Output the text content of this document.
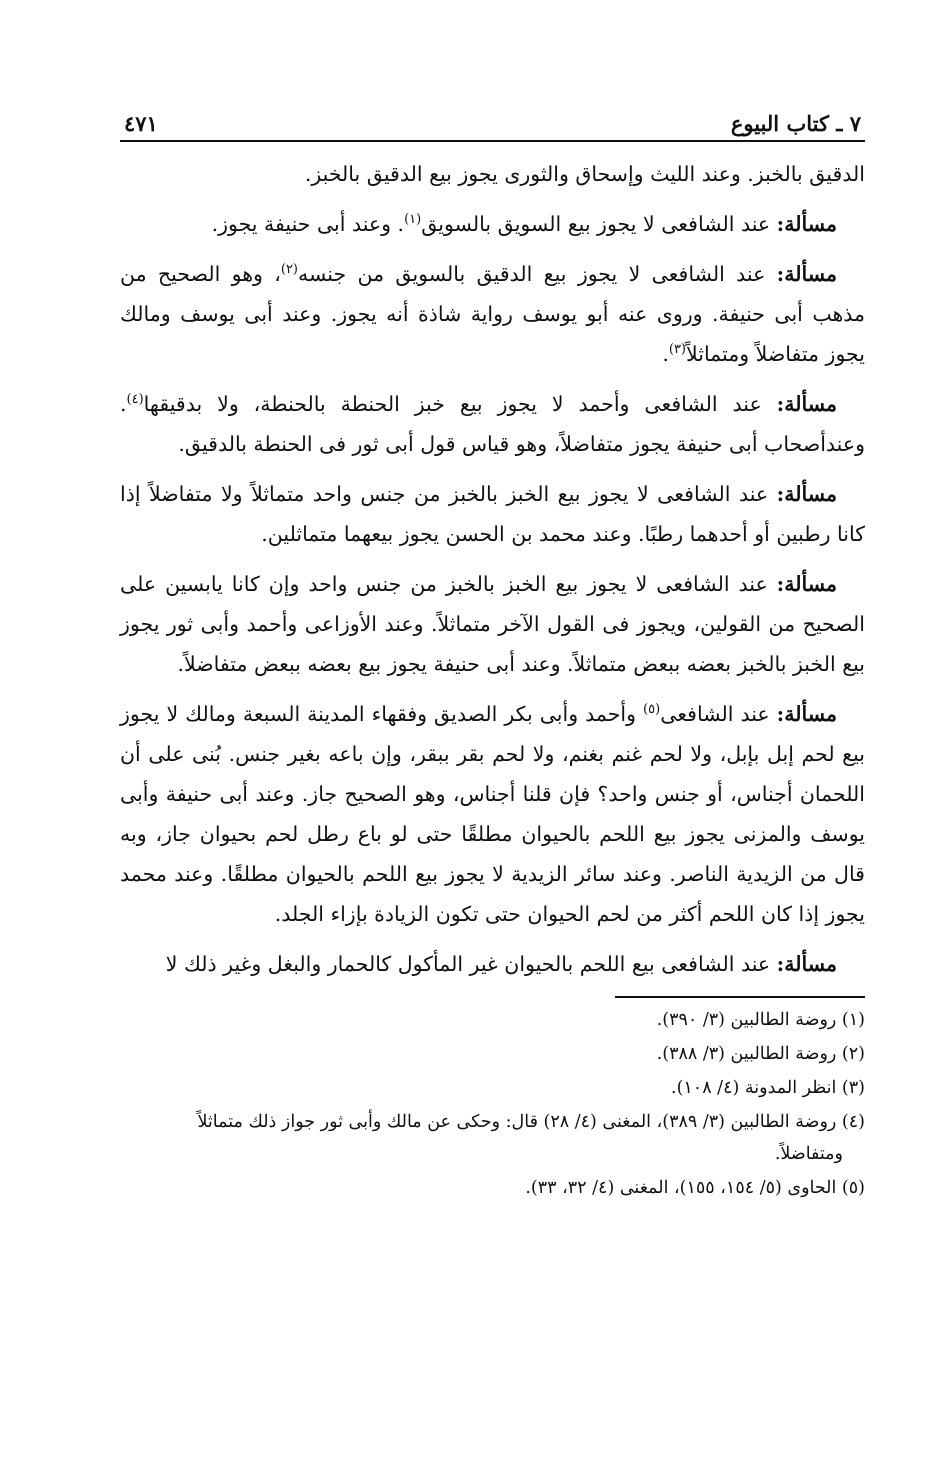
٧ ـ كتاب البيوع
٤٧١

الدقيق بالخبز. وعند الليث وإسحاق والثورى يجوز بيع الدقيق بالخبز.

مسألة: عند الشافعى لا يجوز بيع السويق بالسويق$^{(١)}$. وعند أبى حنيفة يجوز.

مسألة: عند الشافعى لا يجوز بيع الدقيق بالسويق من جنسه$^{(٢)}$، وهو الصحيح من مذهب أبى حنيفة. وروى عنه أبو يوسف رواية شاذة أنه يجوز. وعند أبى يوسف ومالك يجوز متفاضلاً ومتماثلاً$^{(٣)}$.

مسألة: عند الشافعى وأحمد لا يجوز بيع خبز الحنطة بالحنطة، ولا بدقيقها$^{(٤)}$. وعندأصحاب أبى حنيفة يجوز متفاضلاً، وهو قياس قول أبى ثور فى الحنطة بالدقيق.

مسألة: عند الشافعى لا يجوز بيع الخبز بالخبز من جنس واحد متماثلاً ولا متفاضلاً إذا كانا رطبين أو أحدهما رطبًا. وعند محمد بن الحسن يجوز بيعهما متماثلين.

مسألة: عند الشافعى لا يجوز بيع الخبز بالخبز من جنس واحد وإن كانا يابسين على الصحيح من القولين، ويجوز فى القول الآخر متماثلاً. وعند الأوزاعى وأحمد وأبى ثور يجوز بيع الخبز بالخبز بعضه ببعض متماثلاً. وعند أبى حنيفة يجوز بيع بعضه ببعض متفاضلاً.

مسألة: عند الشافعى$^{(٥)}$ وأحمد وأبى بكر الصديق وفقهاء المدينة السبعة ومالك لا يجوز بيع لحم إبل بإبل، ولا لحم غنم بغنم، ولا لحم بقر ببقر، وإن باعه بغير جنس. بُنى على أن اللحمان أجناس، أو جنس واحد؟ فإن قلنا أجناس، وهو الصحيح جاز. وعند أبى حنيفة وأبى يوسف والمزنى يجوز بيع اللحم بالحيوان مطلقًا حتى لو باع رطل لحم بحيوان جاز، وبه قال من الزيدية الناصر. وعند سائر الزيدية لا يجوز بيع اللحم بالحيوان مطلقًا. وعند محمد يجوز إذا كان اللحم أكثر من لحم الحيوان حتى تكون الزيادة بإزاء الجلد.

مسألة: عند الشافعى بيع اللحم بالحيوان غير المأكول كالحمار والبغل وغير ذلك لا

(١) روضة الطالبين (٣/ ٣٩٠).
(٢) روضة الطالبين (٣/ ٣٨٨).
(٣) انظر المدونة (٤/ ١٠٨).
(٤) روضة الطالبين (٣/ ٣٨٩)، المغنى (٤/ ٢٨) قال: وحكى عن مالك وأبى ثور جواز ذلك متماثلاً
ومتفاضلاً.
(٥) الحاوى (٥/ ١٥٤، ١٥٥)، المغنى (٤/ ٣٢، ٣٣).
